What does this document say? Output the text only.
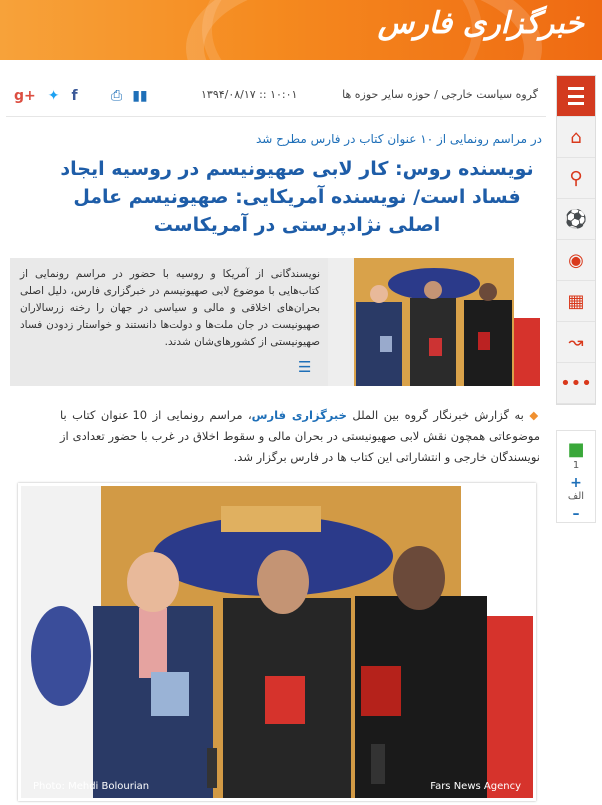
خبرگزاری فارس
⌂
⚲
⚽
◉
▦
↝
•••
■
1
+
الف
–
g+ ✦ f ⎙ ▮▮	۱۳۹۴/۰۸/۱۷ :: ۱۰:۰۱	گروه سیاست خارجی / حوزه سایر حوزه ها
در مراسم رونمایی از ۱۰ عنوان کتاب در فارس مطرح شد
نویسنده روس: کار لابی صهیونیسم در روسیه ایجاد فساد است/ نویسنده آمریکایی: صهیونیسم عامل اصلی نژادپرستی در آمریکاست
نویسندگانی از آمریکا و روسیه با حضور در مراسم رونمایی از کتاب‌هایی با موضوع لابی صهیونیسم در خبرگزاری فارس، دلیل اصلی بحران‌های اخلاقی و مالی و سیاسی در جهان را رخنه زرسالاران صهیونیست در جان ملت‌ها و دولت‌ها دانستند و خواستار زدودن فساد صهیونیستی از کشورهای‌شان شدند.
☰
◆ به گزارش خبرنگار گروه بین الملل خبرگزاری فارس، مراسم رونمایی از 10 عنوان کتاب با موضوعاتی همچون نقش لابی صهیونیستی در بحران مالی و سقوط اخلاق در غرب با حضور تعدادی از نویسندگان خارجی و انتشاراتی این کتاب ها در فارس برگزار شد.
Photo: Mehdi Bolourian	Fars News Agency
